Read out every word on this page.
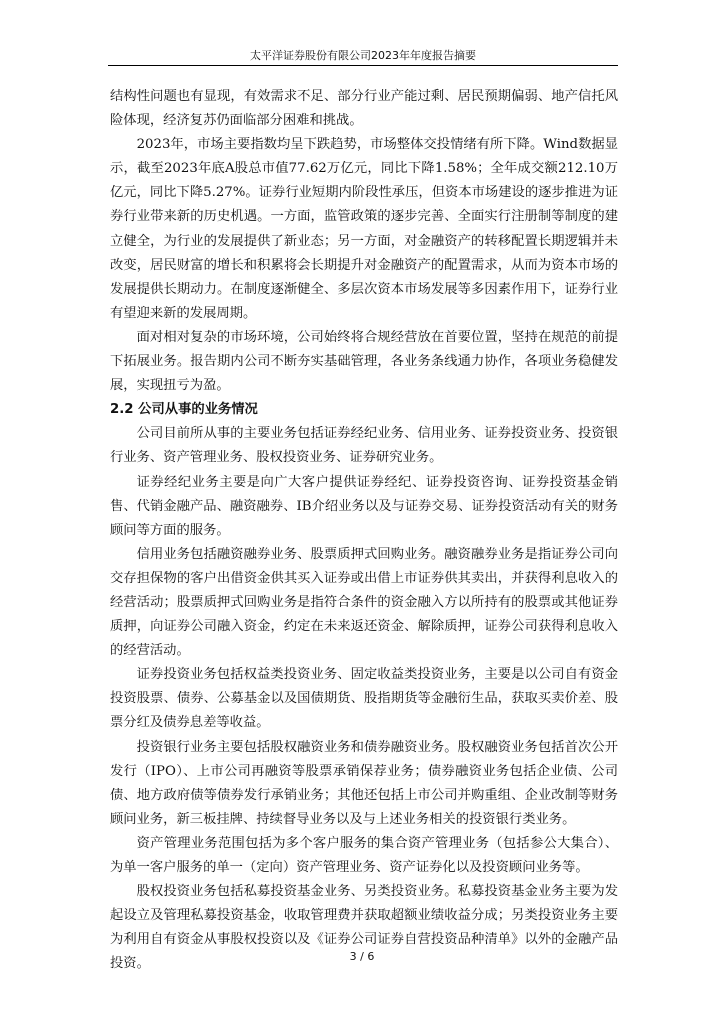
太平洋证券股份有限公司2023年年度报告摘要

结构性问题也有显现，有效需求不足、部分行业产能过剩、居民预期偏弱、地产信托风险体现，经济复苏仍面临部分困难和挑战。

2023年，市场主要指数均呈下跌趋势，市场整体交投情绪有所下降。Wind数据显示，截至2023年底A股总市值77.62万亿元，同比下降1.58%；全年成交额212.10万亿元，同比下降5.27%。证券行业短期内阶段性承压，但资本市场建设的逐步推进为证券行业带来新的历史机遇。一方面，监管政策的逐步完善、全面实行注册制等制度的建立健全，为行业的发展提供了新业态；另一方面，对金融资产的转移配置长期逻辑并未改变，居民财富的增长和积累将会长期提升对金融资产的配置需求，从而为资本市场的发展提供长期动力。在制度逐渐健全、多层次资本市场发展等多因素作用下，证券行业有望迎来新的发展周期。

面对相对复杂的市场环境，公司始终将合规经营放在首要位置，坚持在规范的前提下拓展业务。报告期内公司不断夯实基础管理，各业务条线通力协作，各项业务稳健发展，实现扭亏为盈。

2.2 公司从事的业务情况

公司目前所从事的主要业务包括证券经纪业务、信用业务、证券投资业务、投资银行业务、资产管理业务、股权投资业务、证券研究业务。

证券经纪业务主要是向广大客户提供证券经纪、证券投资咨询、证券投资基金销售、代销金融产品、融资融券、IB介绍业务以及与证券交易、证券投资活动有关的财务顾问等方面的服务。

信用业务包括融资融券业务、股票质押式回购业务。融资融券业务是指证券公司向交存担保物的客户出借资金供其买入证券或出借上市证券供其卖出，并获得利息收入的经营活动；股票质押式回购业务是指符合条件的资金融入方以所持有的股票或其他证券质押，向证券公司融入资金，约定在未来返还资金、解除质押，证券公司获得利息收入的经营活动。

证券投资业务包括权益类投资业务、固定收益类投资业务，主要是以公司自有资金投资股票、债券、公募基金以及国债期货、股指期货等金融衍生品，获取买卖价差、股票分红及债券息差等收益。

投资银行业务主要包括股权融资业务和债券融资业务。股权融资业务包括首次公开发行（IPO）、上市公司再融资等股票承销保荐业务；债券融资业务包括企业债、公司债、地方政府债等债券发行承销业务；其他还包括上市公司并购重组、企业改制等财务顾问业务，新三板挂牌、持续督导业务以及与上述业务相关的投资银行类业务。

资产管理业务范围包括为多个客户服务的集合资产管理业务（包括参公大集合）、为单一客户服务的单一（定向）资产管理业务、资产证券化以及投资顾问业务等。

股权投资业务包括私募投资基金业务、另类投资业务。私募投资基金业务主要为发起设立及管理私募投资基金，收取管理费并获取超额业绩收益分成；另类投资业务主要为利用自有资金从事股权投资以及《证券公司证券自营投资品种清单》以外的金融产品投资。	3 / 6
